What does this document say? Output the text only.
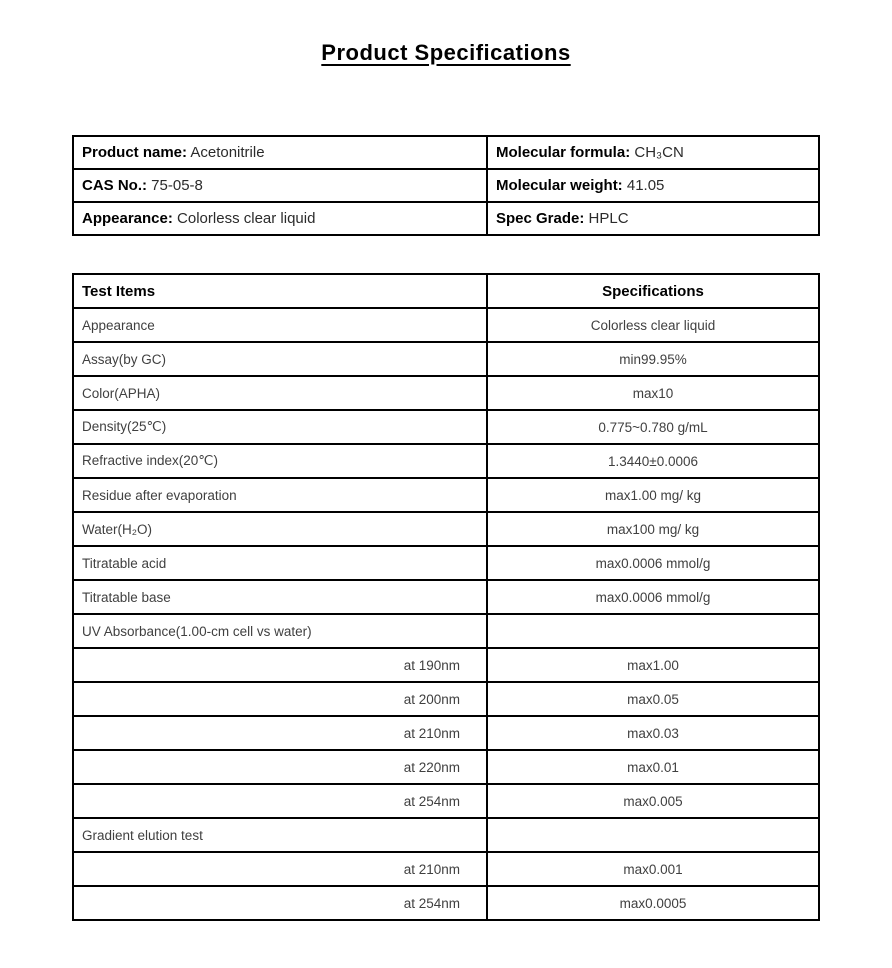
Product Specifications
Product name: Acetonitrile	Molecular formula: CH₃CN
CAS No.: 75-05-8	Molecular weight: 41.05
Appearance: Colorless clear liquid	Spec Grade: HPLC
Test Items	Specifications
Appearance	Colorless clear liquid
Assay(by GC)	min99.95%
Color(APHA)	max10
Density(25℃)	0.775~0.780 g/mL
Refractive index(20℃)	1.3440±0.0006
Residue after evaporation	max1.00 mg/ kg
Water(H₂O)	max100 mg/ kg
Titratable acid	max0.0006 mmol/g
Titratable base	max0.0006 mmol/g
UV Absorbance(1.00-cm cell vs water)	
at 190nm	max1.00
at 200nm	max0.05
at 210nm	max0.03
at 220nm	max0.01
at 254nm	max0.005
Gradient elution test	
at 210nm	max0.001
at 254nm	max0.0005
